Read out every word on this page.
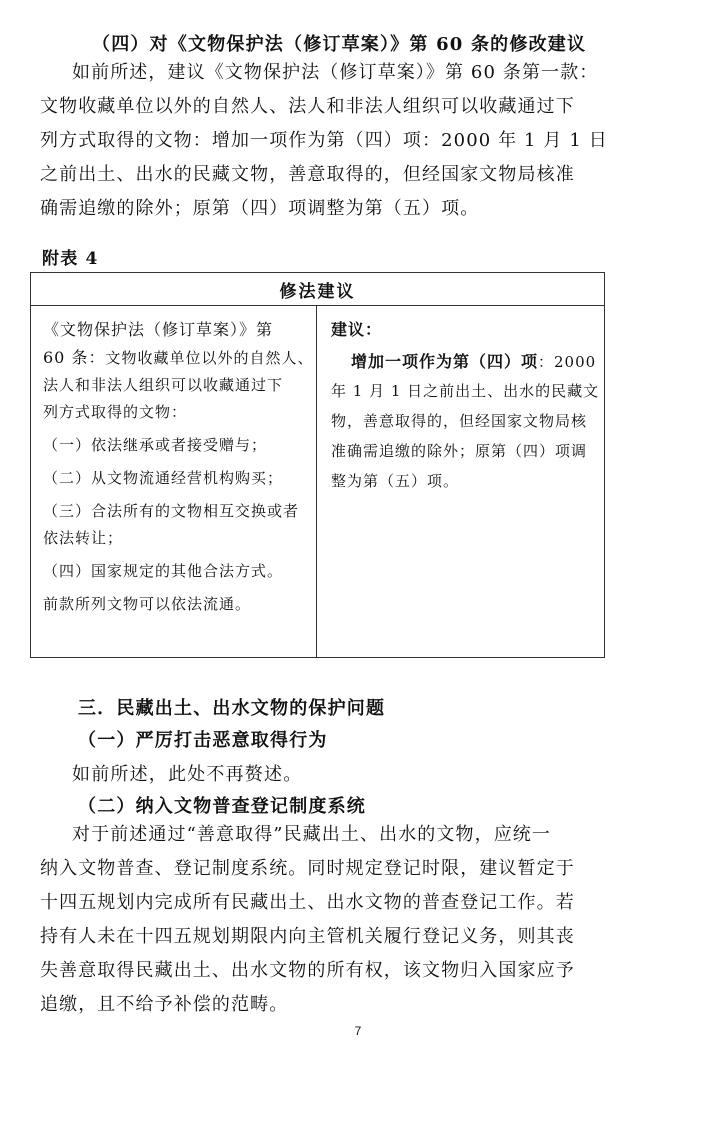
（四）对《文物保护法（修订草案）》第 60 条的修改建议
如前所述，建议《文物保护法（修订草案）》第 60 条第一款：
文物收藏单位以外的自然人、法人和非法人组织可以收藏通过下
列方式取得的文物：增加一项作为第（四）项：2000 年 1 月 1 日
之前出土、出水的民藏文物，善意取得的，但经国家文物局核准
确需追缴的除外；原第（四）项调整为第（五）项。
附表 4
修法建议

《文物保护法（修订草案）》第
60 条：文物收藏单位以外的自然人、
法人和非法人组织可以收藏通过下
列方式取得的文物：
（一）依法继承或者接受赠与；
（二）从文物流通经营机构购买；
（三）合法所有的文物相互交换或者
依法转让；
（四）国家规定的其他合法方式。
前款所列文物可以依法流通。

建议：
增加一项作为第（四）项：2000
年 1 月 1 日之前出土、出水的民藏文
物，善意取得的，但经国家文物局核
准确需追缴的除外；原第（四）项调
整为第（五）项。
三．民藏出土、出水文物的保护问题
（一）严厉打击恶意取得行为
如前所述，此处不再赘述。
（二）纳入文物普查登记制度系统
对于前述通过“善意取得”民藏出土、出水的文物，应统一
纳入文物普查、登记制度系统。同时规定登记时限，建议暂定于
十四五规划内完成所有民藏出土、出水文物的普查登记工作。若
持有人未在十四五规划期限内向主管机关履行登记义务，则其丧
失善意取得民藏出土、出水文物的所有权，该文物归入国家应予
追缴，且不给予补偿的范畴。
7
